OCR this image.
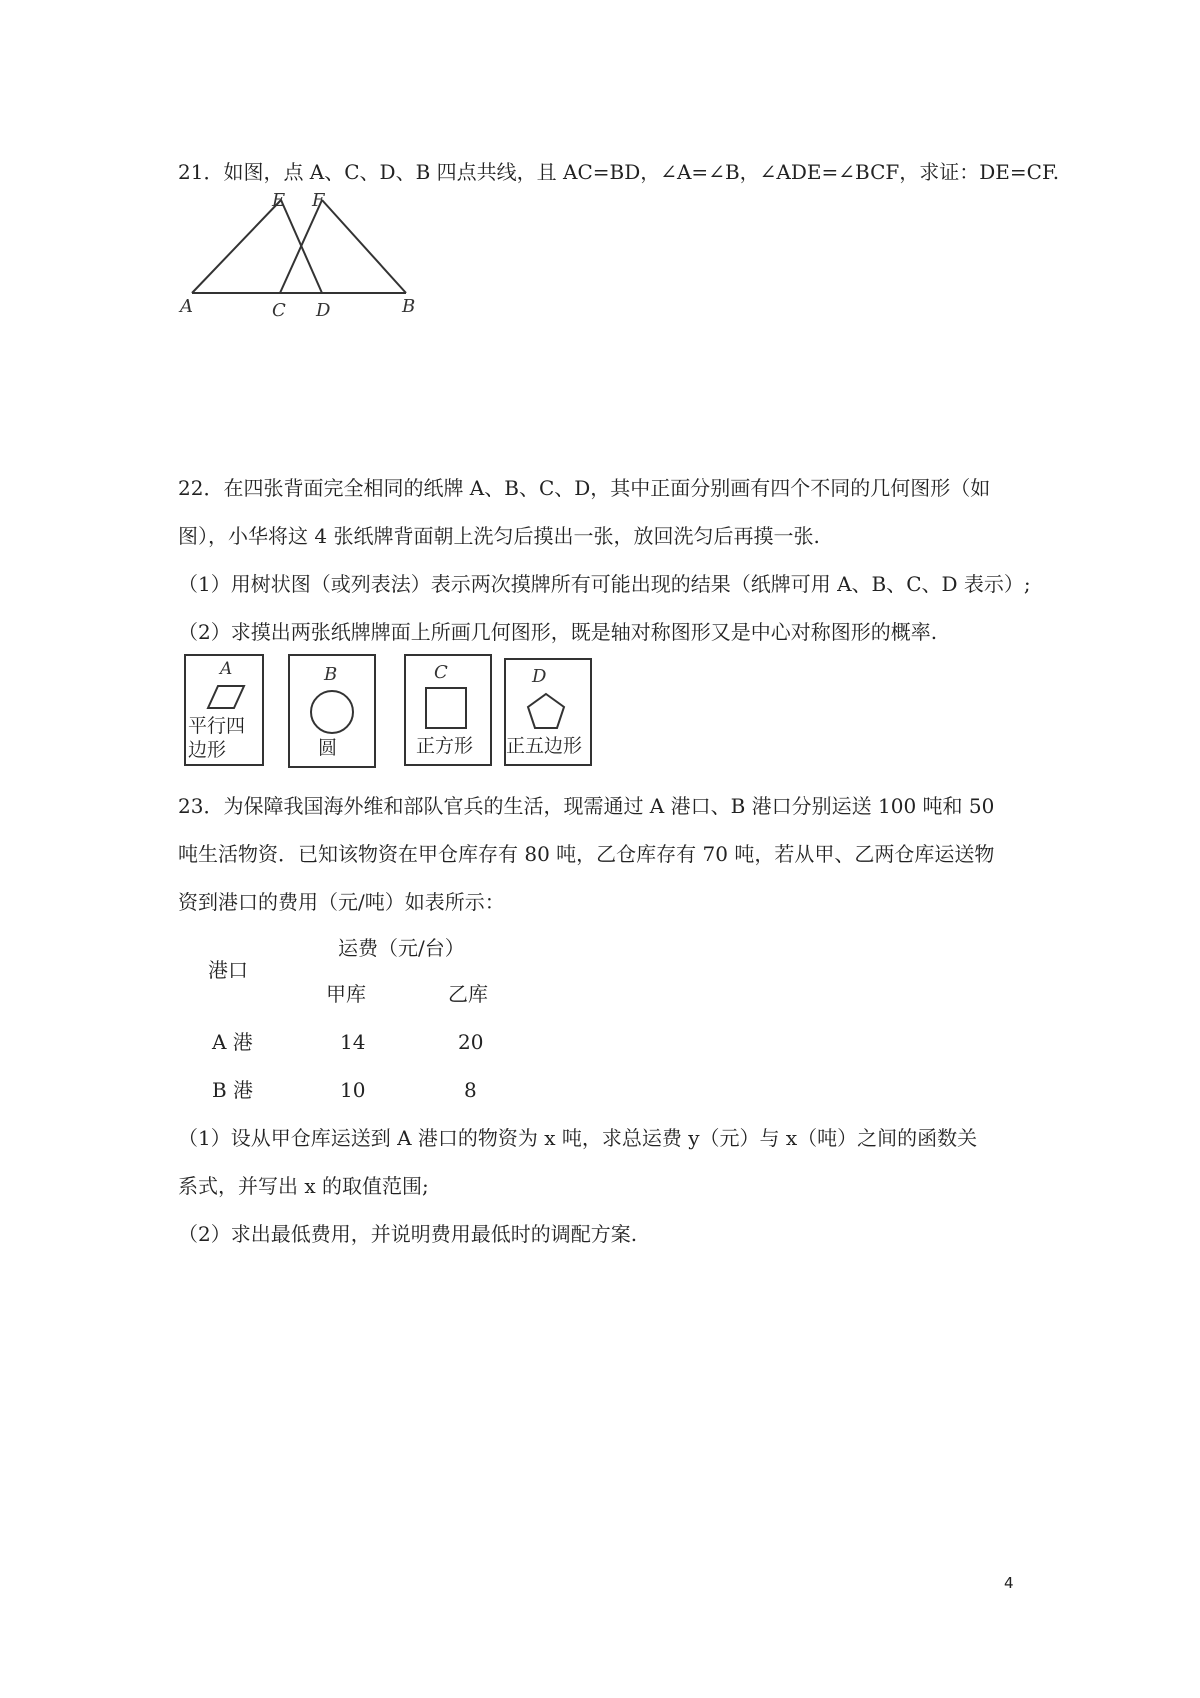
21．如图，点 A、C、D、B 四点共线，且 AC=BD，∠A=∠B，∠ADE=∠BCF，求证：DE=CF.
E F
A	C D	B
22．在四张背面完全相同的纸牌 A、B、C、D，其中正面分别画有四个不同的几何图形（如
图），小华将这 4 张纸牌背面朝上洗匀后摸出一张，放回洗匀后再摸一张.
（1）用树状图（或列表法）表示两次摸牌所有可能出现的结果（纸牌可用 A、B、C、D 表示）;
（2）求摸出两张纸牌牌面上所画几何图形，既是轴对称图形又是中心对称图形的概率.
A
平行四
边形
B
圆
C
正方形
D
正五边形
23．为保障我国海外维和部队官兵的生活，现需通过 A 港口、B 港口分别运送 100 吨和 50
吨生活物资．已知该物资在甲仓库存有 80 吨，乙仓库存有 70 吨，若从甲、乙两仓库运送物
资到港口的费用（元/吨）如表所示：
港口
运费（元/台）
甲库	乙库
A 港	14	20
B 港	10	8
（1）设从甲仓库运送到 A 港口的物资为 x 吨，求总运费 y（元）与 x（吨）之间的函数关
系式，并写出 x 的取值范围;
（2）求出最低费用，并说明费用最低时的调配方案.
4
